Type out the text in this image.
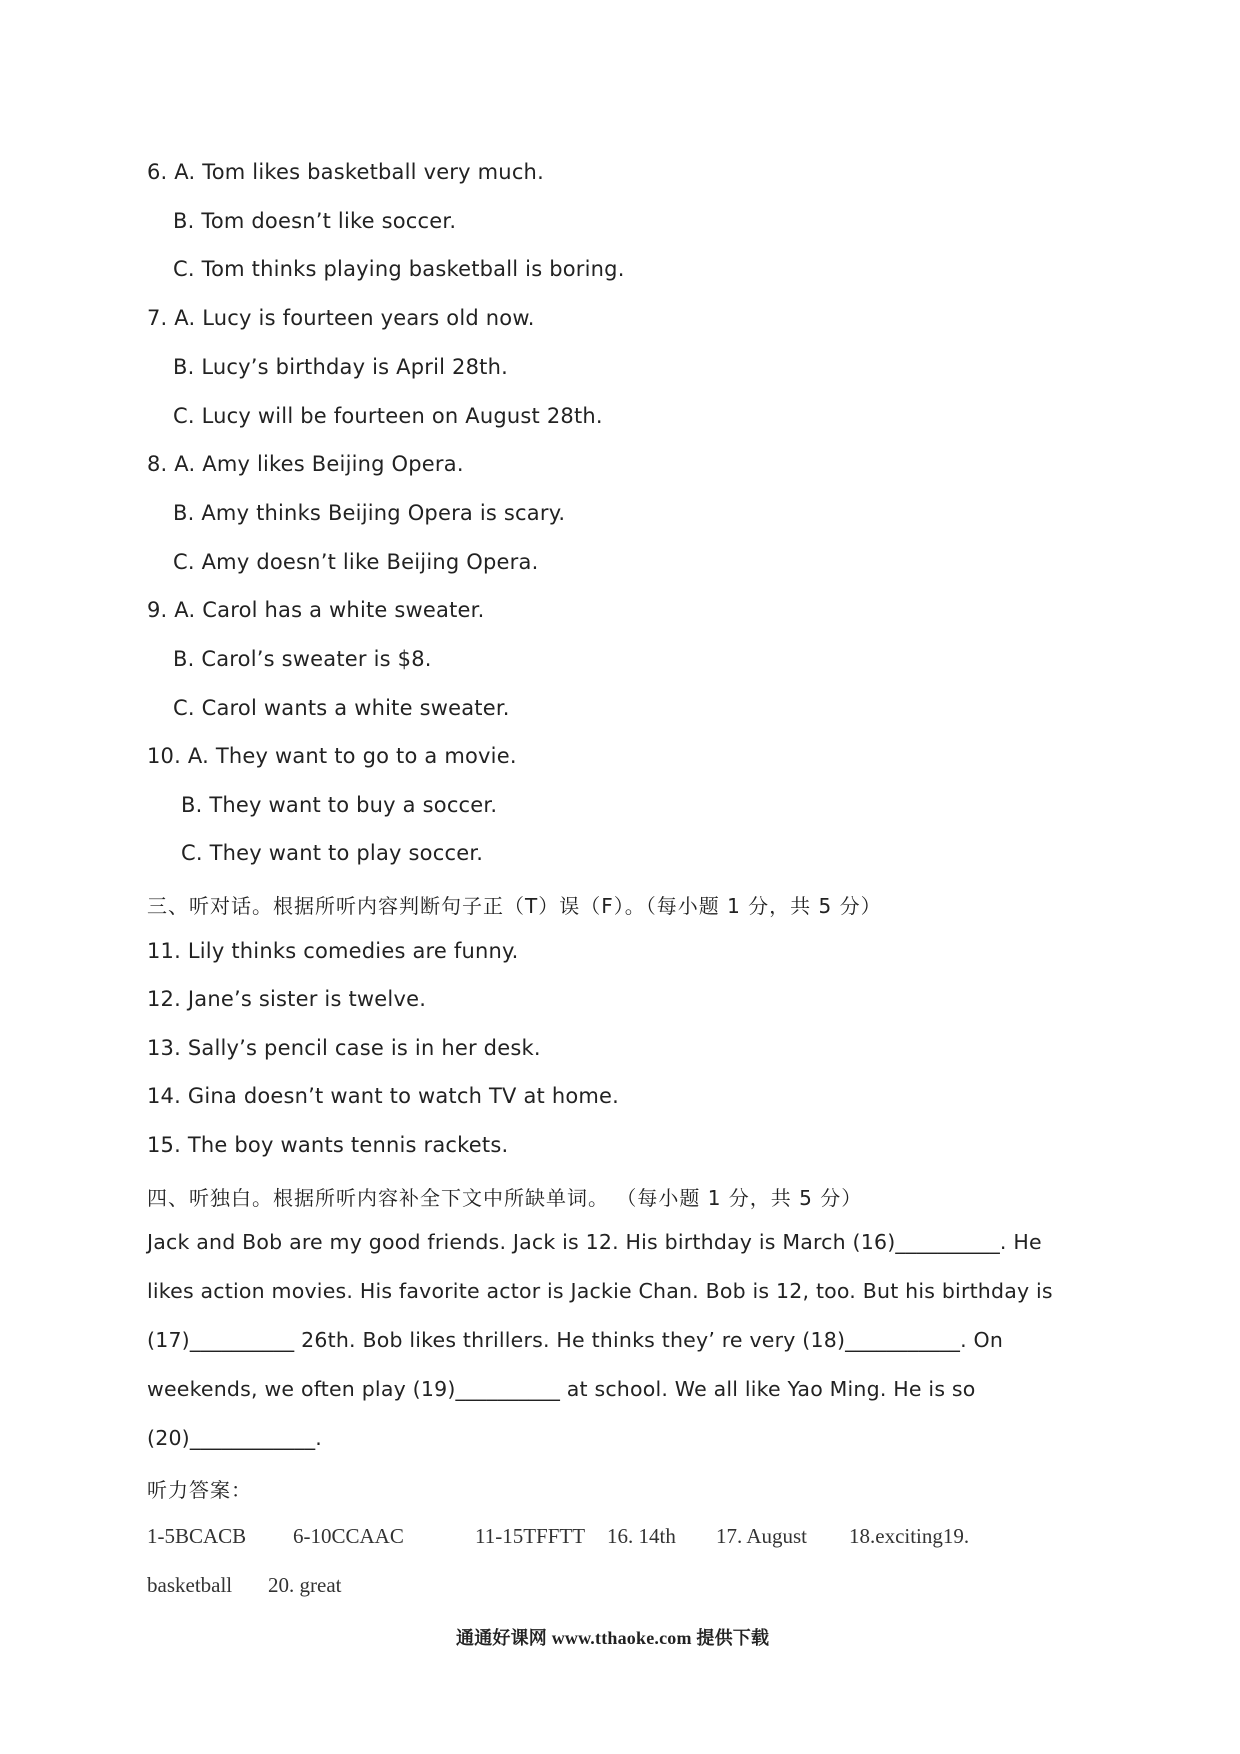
6. A. Tom likes basketball very much.
B. Tom doesn’t like soccer.
C. Tom thinks playing basketball is boring.
7. A. Lucy is fourteen years old now.
B. Lucy’s birthday is April 28th.
C. Lucy will be fourteen on August 28th.
8. A. Amy likes Beijing Opera.
B. Amy thinks Beijing Opera is scary.
C. Amy doesn’t like Beijing Opera.
9. A. Carol has a white sweater.
B. Carol’s sweater is $8.
C. Carol wants a white sweater.
10. A. They want to go to a movie.
B. They want to buy a soccer.
C. They want to play soccer.
三、听对话。根据所听内容判断句子正（T）误（F）。（每小题 1 分，共 5 分）
11. Lily thinks comedies are funny.
12. Jane’s sister is twelve.
13. Sally’s pencil case is in her desk.
14. Gina doesn’t want to watch TV at home.
15. The boy wants tennis rackets.
四、听独白。根据所听内容补全下文中所缺单词。 （每小题 1 分，共 5 分）
Jack and Bob are my good friends. Jack is 12. His birthday is March (16)__________. He
likes action movies. His favorite actor is Jackie Chan. Bob is 12, too. But his birthday is
(17)__________ 26th. Bob likes thrillers. He thinks they’ re very (18)___________. On
weekends, we often play (19)__________ at school. We all like Yao Ming. He is so
(20)____________.
听力答案：
1-5BCACB 6-10CCAAC	11-15TFFTT 16. 14th 17. August 18.exciting19.
basketball 20. great
通通好课网 www.tthaoke.com 提供下载
